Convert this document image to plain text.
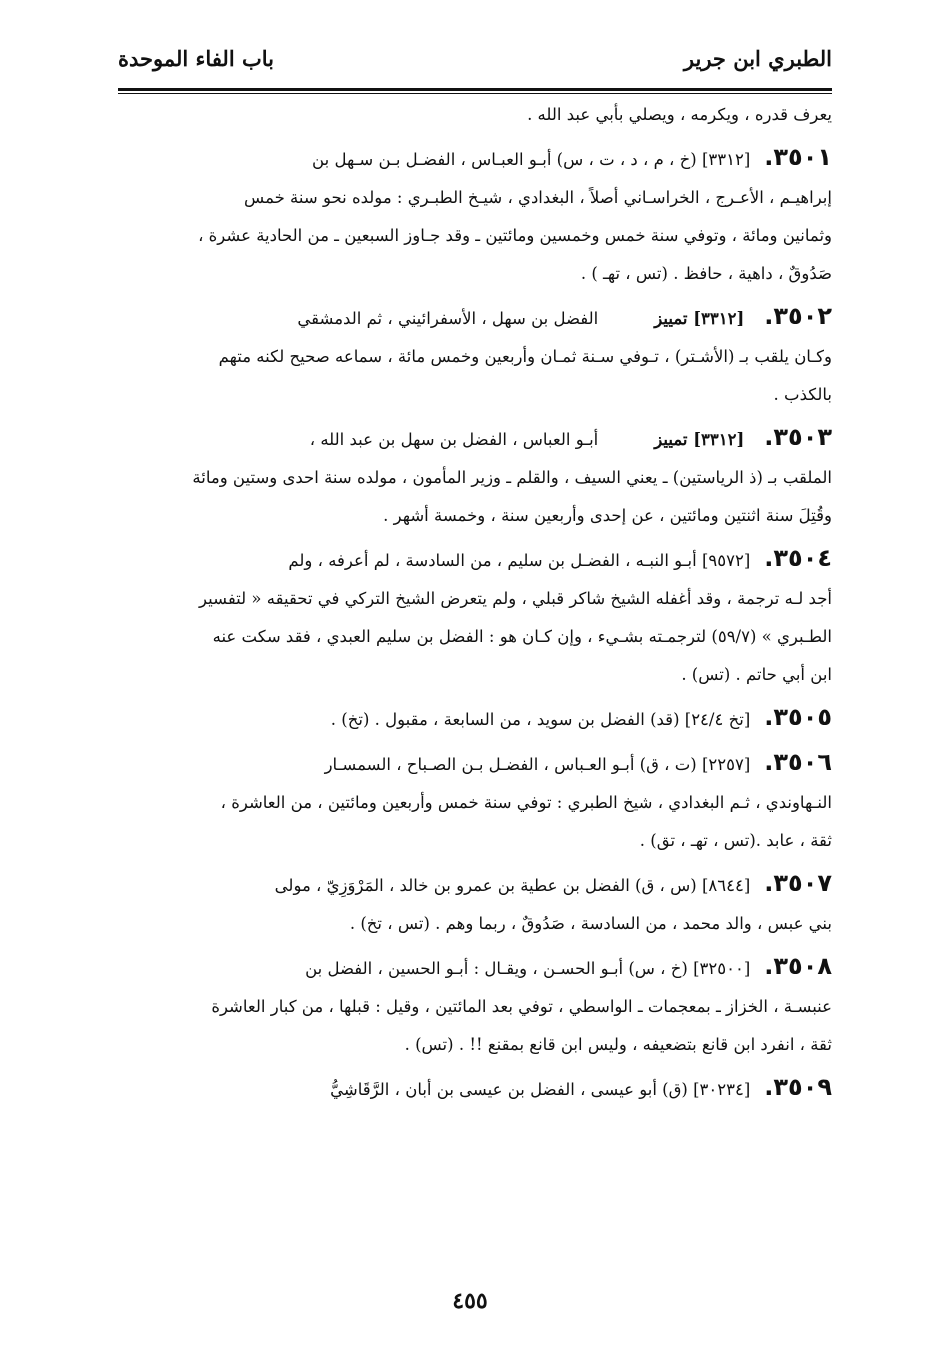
الطبري ابن جرير
باب الفاء الموحدة
يعرف قدره ، ويكرمه ، ويصلي بأبي عبد الله .
٣٥٠١.[٣٣١٢] (خ ، م ، د ، ت ، س) أبـو العبـاس ، الفضـل بـن سـهل بن
إبراهيـم ، الأعـرج ، الخراسـاني أصلاً ، البغدادي ، شيـخ الطبـري : مولده نحو سنة خمس
وثمانين ومائة ، وتوفي سنة خمس وخمسين ومائتين ـ وقد جـاوز السبعين ـ من الحادية عشرة ،
صَدُوقٌ ، داهية ، حافظ . (تس ، تهـ ) .
٣٥٠٢.[٣٣١٢] تمييزالفضل بن سهل ، الأسفرائيني ، ثم الدمشقي
وكـان يلقب بـ (الأشـتر) ، تـوفي سـنة ثمـان وأربعين وخمس مائة ، سماعه صحيح لكنه متهم
بالكذب .
٣٥٠٣.[٣٣١٢] تمييزأبـو العباس ، الفضل بن سهل بن عبد الله ،
الملقب بـ (ذ الرياستين) ـ يعني السيف ، والقلم ـ وزير المأمون ، مولده سنة احدى وستين ومائة
وقُتِلَ سنة اثنتين ومائتين ، عن إحدى وأربعين سنة ، وخمسة أشهر .
٣٥٠٤.[٩٥٧٢] أبـو النبـه ، الفضـل بن سليم ، من السادسة ، لم أعرفه ، ولم
أجد لـه ترجمة ، وقد أغفله الشيخ شاكر قبلي ، ولم يتعرض الشيخ التركي في تحقيقه « لتفسير
الطـبري » (٥٩/٧) لترجمـته بشـيء ، وإن كـان هو : الفضل بن سليم العبدي ، فقد سكت عنه
ابن أبي حاتم . (تس) .
٣٥٠٥.[تخ ٢٤/٤] (قد) الفضل بن سويد ، من السابعة ، مقبول . (تخ) .
٣٥٠٦.[٢٢٥٧] (ت ، ق) أبـو العـباس ، الفضـل بـن الصـباح ، السمسـار
النـهاوندي ، ثـم البغدادي ، شيخ الطبري : توفي سنة خمس وأربعين ومائتين ، من العاشرة ،
ثقة ، عابد .(تس ، تهـ ، تق) .
٣٥٠٧.[٨٦٤٤] (س ، ق) الفضل بن عطية بن عمرو بن خالد ، المَرْوَزِيّ ، مولى
بني عبس ، والد محمد ، من السادسة ، صَدُوقٌ ، ربما وهم . (تس ، تخ) .
٣٥٠٨.[٣٢٥٠٠] (خ ، س) أبـو الحسـن ، ويقـال : أبـو الحسين ، الفضل بن
عنبسـة ، الخزاز ـ بمعجمات ـ الواسطي ، توفي بعد المائتين ، وقيل : قبلها ، من كبار العاشرة
ثقة ، انفرد ابن قانع بتضعيفه ، وليس ابن قانع بمقنع !! . (تس) .
٣٥٠٩.[٣٠٢٣٤] (ق) أبو عيسى ، الفضل بن عيسى بن أبان ، الرَّقَاشِيُّ
٤٥٥
